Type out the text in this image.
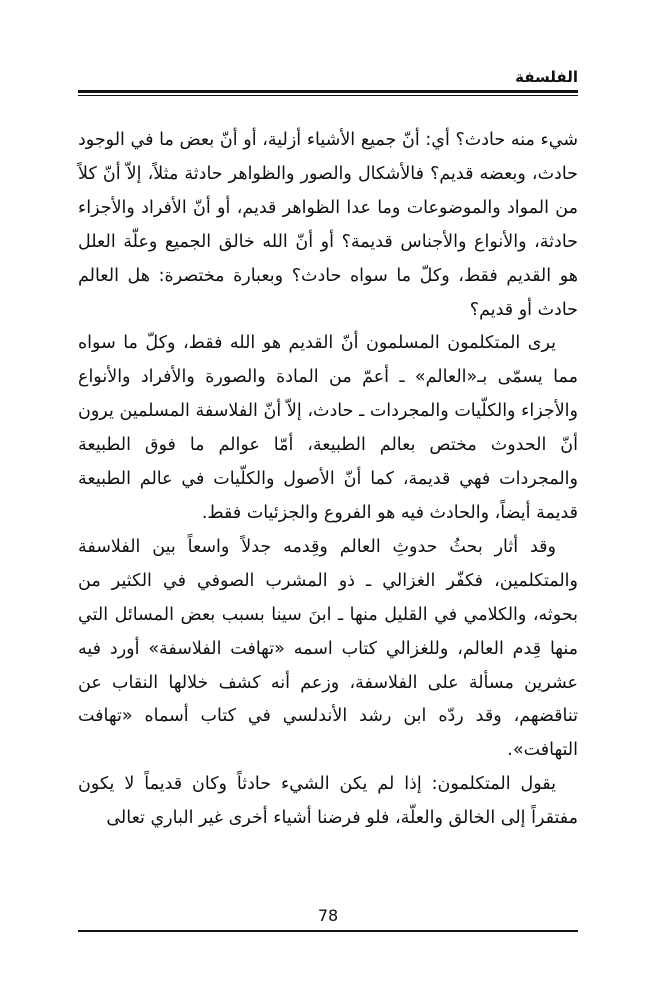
الفلسفة

شيء منه حادث؟ أي: أنّ جميع الأشياء أزلية، أو أنّ بعض ما في الوجود حادث، وبعضه قديم؟ فالأشكال والصور والظواهر حادثة مثلاً، إلاّ أنّ كلاً من المواد والموضوعات وما عدا الظواهر قديم، أو أنّ الأفراد والأجزاء حادثة، والأنواع والأجناس قديمة؟ أو أنّ الله خالق الجميع وعلّة العلل هو القديم فقط، وكلّ ما سواه حادث؟ وبعبارة مختصرة: هل العالم حادث أو قديم؟

يرى المتكلمون المسلمون أنّ القديم هو الله فقط، وكلّ ما سواه مما يسمّى بـ«العالم» ـ أعمّ من المادة والصورة والأفراد والأنواع والأجزاء والكلّيات والمجردات ـ حادث، إلاّ أنّ الفلاسفة المسلمين يرون أنّ الحدوث مختص بعالم الطبيعة، أمّا عوالم ما فوق الطبيعة والمجردات فهي قديمة، كما أنّ الأصول والكلّيات في عالم الطبيعة قديمة أيضاً، والحادث فيه هو الفروع والجزئيات فقط.

وقد أثار بحثُ حدوثِ العالم وقِدمه جدلاً واسعاً بين الفلاسفة والمتكلمين، فكفّر الغزالي ـ ذو المشرب الصوفي في الكثير من بحوثه، والكلامي في القليل منها ـ ابنَ سينا بسبب بعض المسائل التي منها قِدم العالم، وللغزالي كتاب اسمه «تهافت الفلاسفة» أورد فيه عشرين مسألة على الفلاسفة، وزعم أنه كشف خلالها النقاب عن تناقضهم، وقد ردّه ابن رشد الأندلسي في كتاب أسماه «تهافت التهافت».

يقول المتكلمون: إذا لم يكن الشيء حادثاً وكان قديماً لا يكون مفتقراً إلى الخالق والعلّة، فلو فرضنا أشياء أخرى غير الباري تعالى

78
